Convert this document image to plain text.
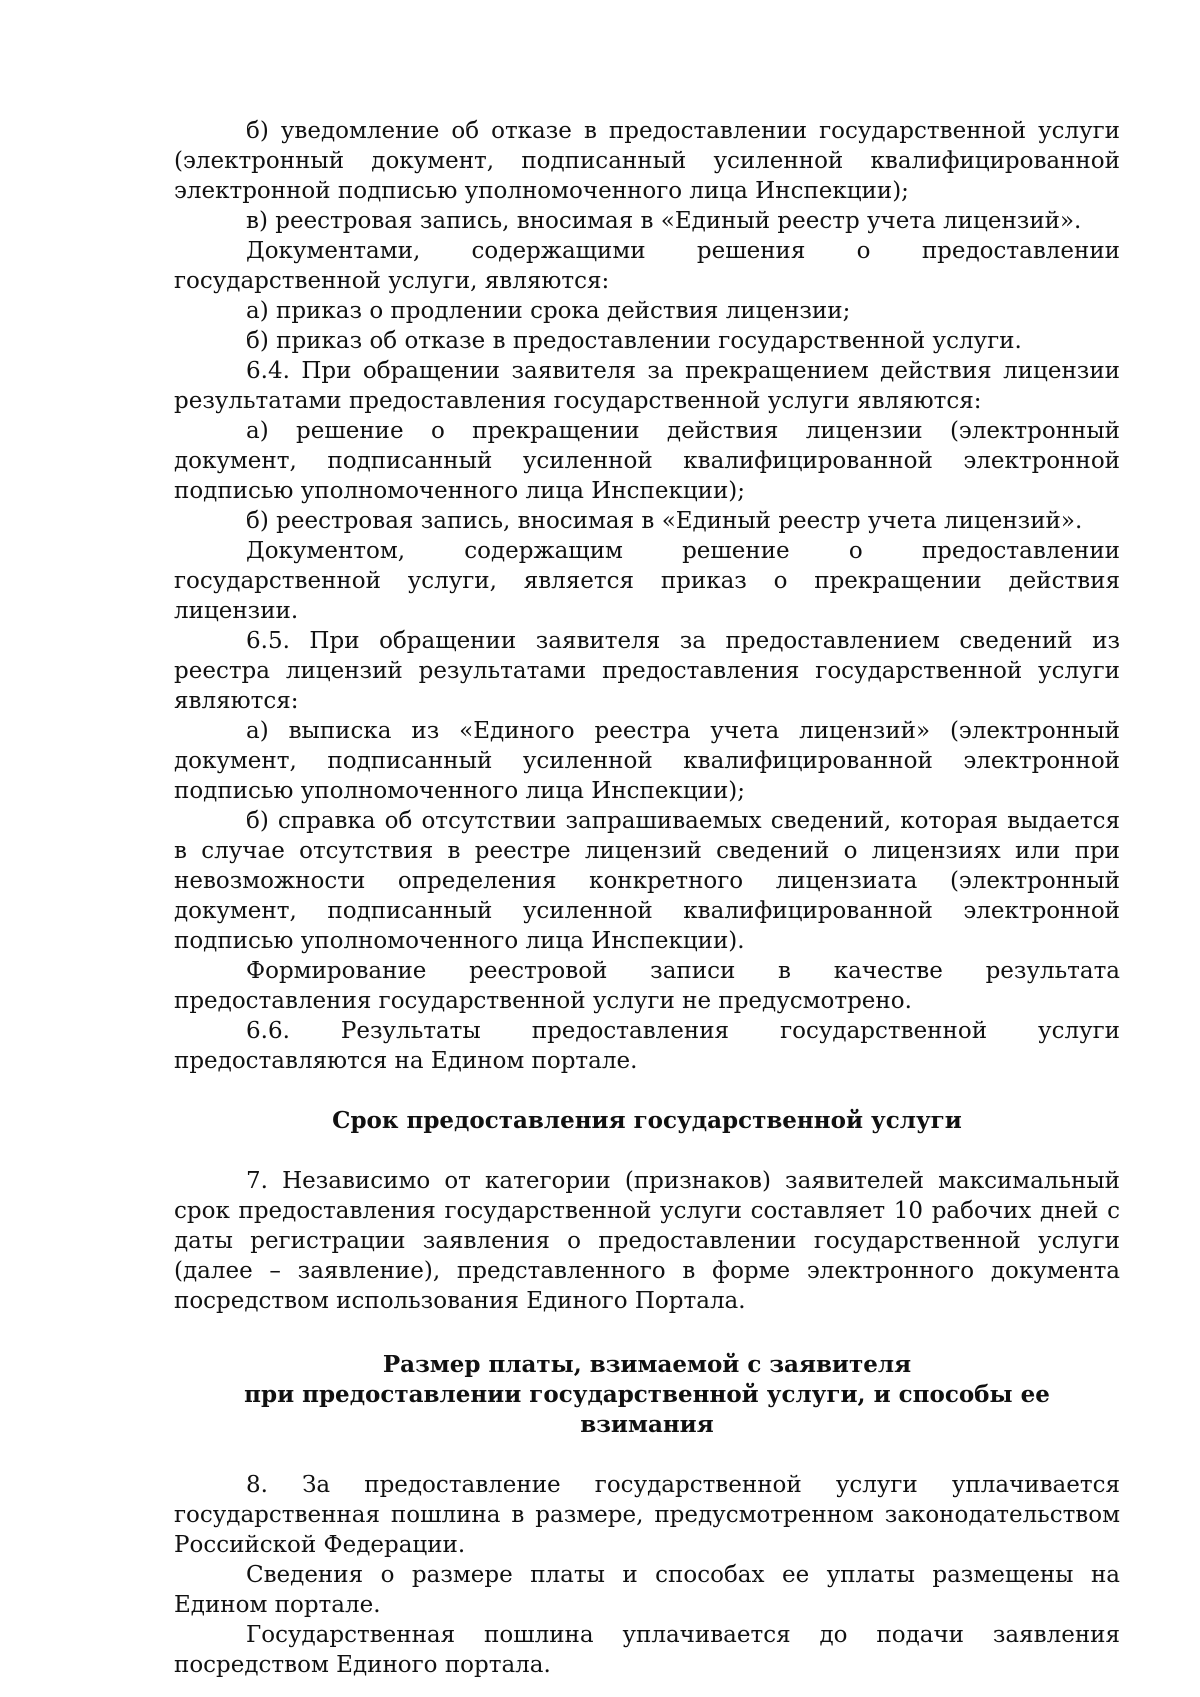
б) уведомление об отказе в предоставлении государственной услуги (электронный документ, подписанный усиленной квалифицированной электронной подписью уполномоченного лица Инспекции);

в) реестровая запись, вносимая в «Единый реестр учета лицензий».

Документами, содержащими решения о предоставлении государственной услуги, являются:

а) приказ о продлении срока действия лицензии;

б) приказ об отказе в предоставлении государственной услуги.

6.4. При обращении заявителя за прекращением действия лицензии результатами предоставления государственной услуги являются:

а) решение о прекращении действия лицензии (электронный документ, подписанный усиленной квалифицированной электронной подписью уполномоченного лица Инспекции);

б) реестровая запись, вносимая в «Единый реестр учета лицензий».

Документом, содержащим решение о предоставлении государственной услуги, является приказ о прекращении действия лицензии.

6.5. При обращении заявителя за предоставлением сведений из реестра лицензий результатами предоставления государственной услуги являются:

а) выписка из «Единого реестра учета лицензий» (электронный документ, подписанный усиленной квалифицированной электронной подписью уполномоченного лица Инспекции);

б) справка об отсутствии запрашиваемых сведений, которая выдается в случае отсутствия в реестре лицензий сведений о лицензиях или при невозможности определения конкретного лицензиата (электронный документ, подписанный усиленной квалифицированной электронной подписью уполномоченного лица Инспекции).

Формирование реестровой записи в качестве результата предоставления государственной услуги не предусмотрено.

6.6. Результаты предоставления государственной услуги предоставляются на Едином портале.

Срок предоставления государственной услуги

7. Независимо от категории (признаков) заявителей максимальный срок предоставления государственной услуги составляет 10 рабочих дней с даты регистрации заявления о предоставлении государственной услуги (далее – заявление), представленного в форме электронного документа посредством использования Единого Портала.

Размер платы, взимаемой с заявителя

при предоставлении государственной услуги, и способы ее взимания

8. За предоставление государственной услуги уплачивается государственная пошлина в размере, предусмотренном законодательством Российской Федерации.

Сведения о размере платы и способах ее уплаты размещены на Едином портале.

Государственная пошлина уплачивается до подачи заявления посредством Единого портала.
